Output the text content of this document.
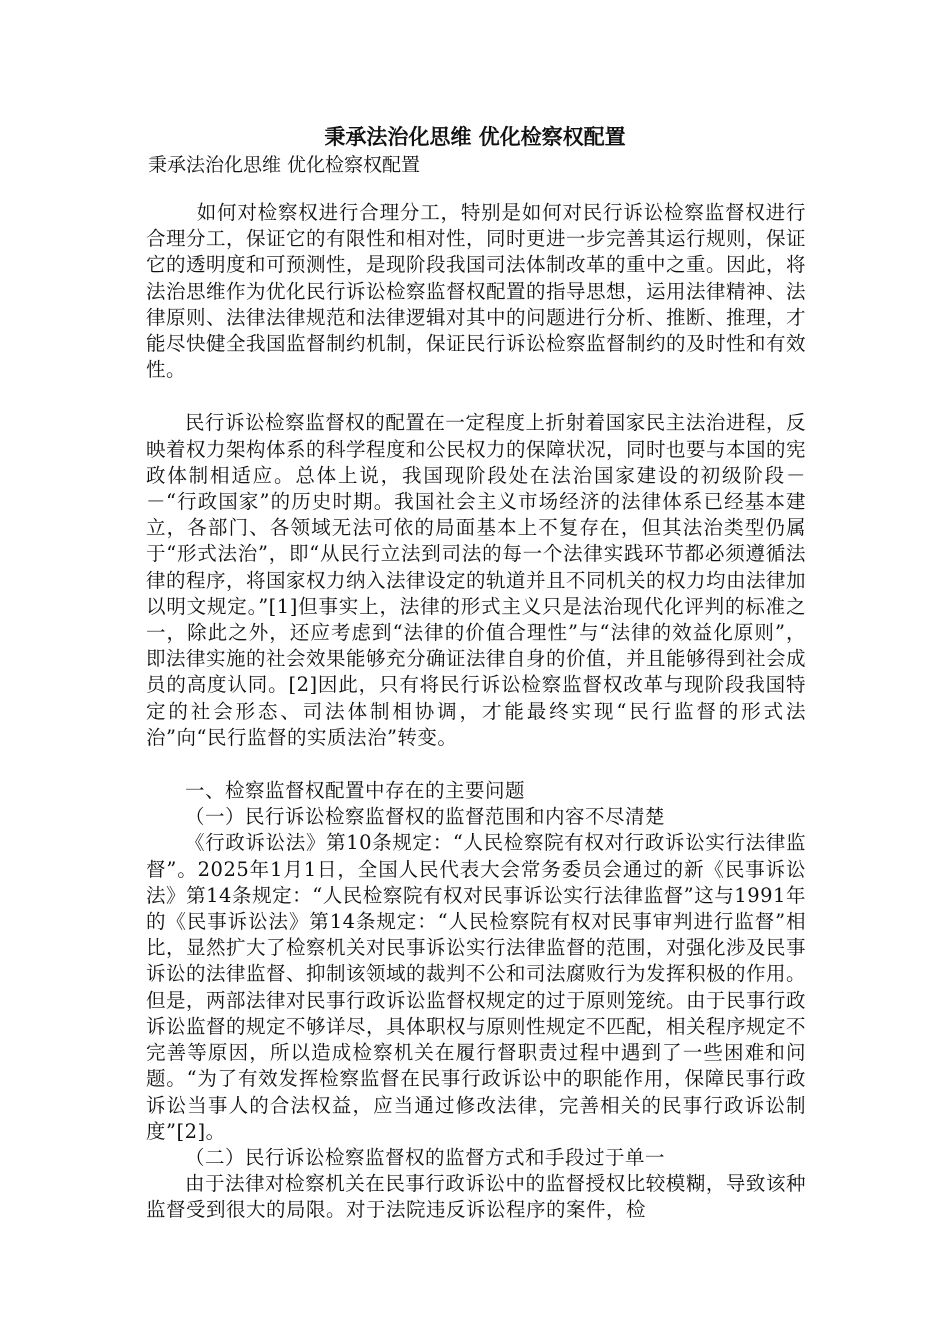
秉承法治化思维 优化检察权配置

秉承法治化思维 优化检察权配置

如何对检察权进行合理分工，特别是如何对民行诉讼检察监督权进行合理分工，保证它的有限性和相对性，同时更进一步完善其运行规则，保证它的透明度和可预测性，是现阶段我国司法体制改革的重中之重。因此，将法治思维作为优化民行诉讼检察监督权配置的指导思想，运用法律精神、法律原则、法律法律规范和法律逻辑对其中的问题进行分析、推断、推理，才能尽快健全我国监督制约机制，保证民行诉讼检察监督制约的及时性和有效性。

民行诉讼检察监督权的配置在一定程度上折射着国家民主法治进程，反映着权力架构体系的科学程度和公民权力的保障状况，同时也要与本国的宪政体制相适应。总体上说，我国现阶段处在法治国家建设的初级阶段－－“行政国家”的历史时期。我国社会主义市场经济的法律体系已经基本建立，各部门、各领域无法可依的局面基本上不复存在，但其法治类型仍属于“形式法治”，即“从民行立法到司法的每一个法律实践环节都必须遵循法律的程序，将国家权力纳入法律设定的轨道并且不同机关的权力均由法律加以明文规定。”[1]但事实上，法律的形式主义只是法治现代化评判的标准之一，除此之外，还应考虑到“法律的价值合理性”与“法律的效益化原则”，即法律实施的社会效果能够充分确证法律自身的价值，并且能够得到社会成员的高度认同。[2]因此，只有将民行诉讼检察监督权改革与现阶段我国特定的社会形态、司法体制相协调，才能最终实现“民行监督的形式法治”向“民行监督的实质法治”转变。

一、检察监督权配置中存在的主要问题

（一）民行诉讼检察监督权的监督范围和内容不尽清楚

《行政诉讼法》第10条规定：“人民检察院有权对行政诉讼实行法律监督”。2025年1月1日，全国人民代表大会常务委员会通过的新《民事诉讼法》第14条规定：“人民检察院有权对民事诉讼实行法律监督”这与1991年的《民事诉讼法》第14条规定：“人民检察院有权对民事审判进行监督”相比，显然扩大了检察机关对民事诉讼实行法律监督的范围，对强化涉及民事诉讼的法律监督、抑制该领域的裁判不公和司法腐败行为发挥积极的作用。但是，两部法律对民事行政诉讼监督权规定的过于原则笼统。由于民事行政诉讼监督的规定不够详尽，具体职权与原则性规定不匹配，相关程序规定不完善等原因，所以造成检察机关在履行督职责过程中遇到了一些困难和问题。“为了有效发挥检察监督在民事行政诉讼中的职能作用，保障民事行政诉讼当事人的合法权益，应当通过修改法律，完善相关的民事行政诉讼制度”[2]。

（二）民行诉讼检察监督权的监督方式和手段过于单一

由于法律对检察机关在民事行政诉讼中的监督授权比较模糊，导致该种监督受到很大的局限。对于法院违反诉讼程序的案件，检
